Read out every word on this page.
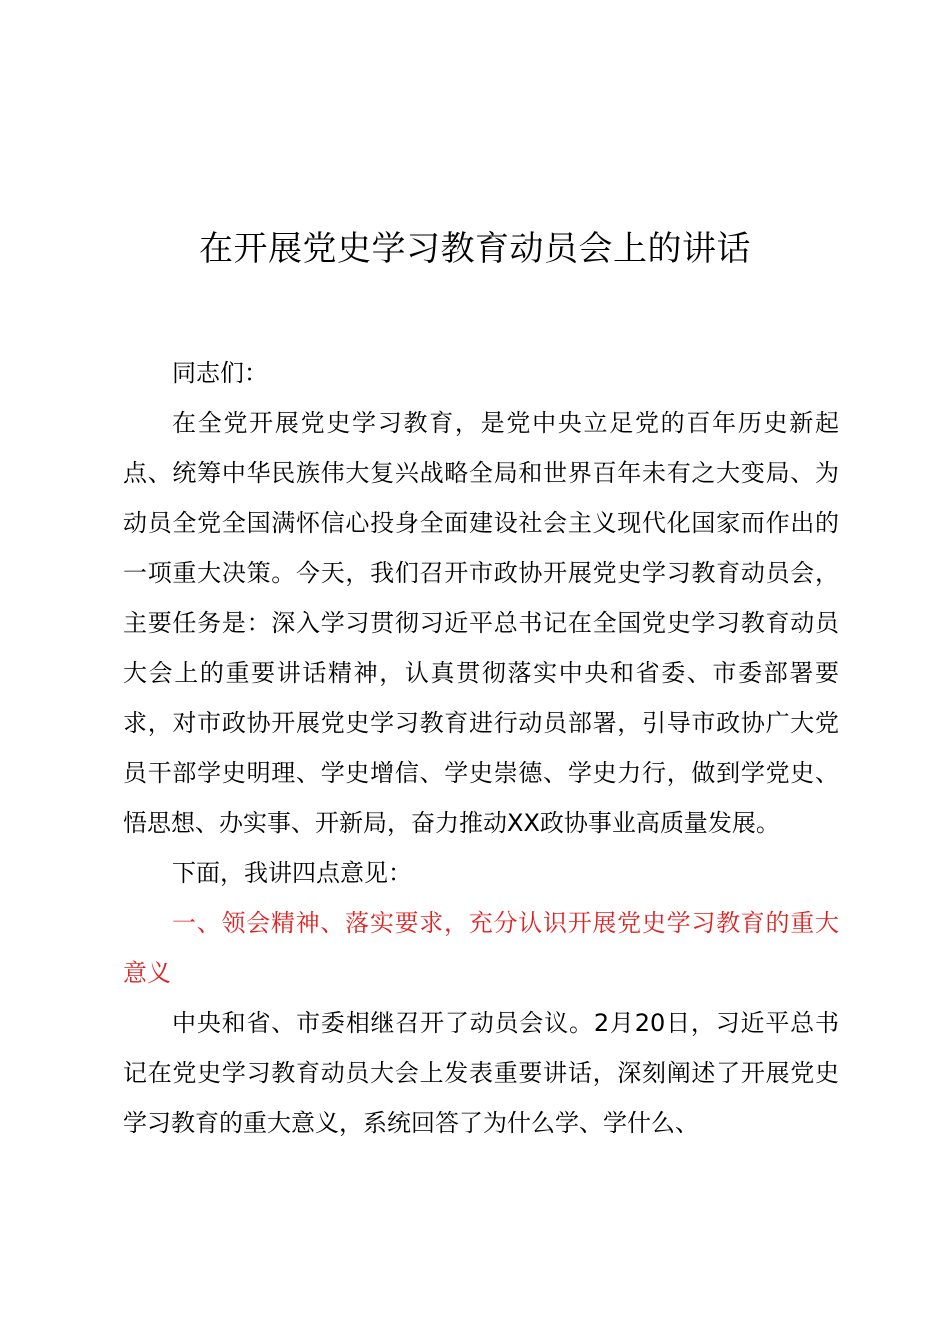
在开展党史学习教育动员会上的讲话

同志们：

在全党开展党史学习教育，是党中央立足党的百年历史新起点、统筹中华民族伟大复兴战略全局和世界百年未有之大变局、为动员全党全国满怀信心投身全面建设社会主义现代化国家而作出的一项重大决策。今天，我们召开市政协开展党史学习教育动员会，主要任务是：深入学习贯彻习近平总书记在全国党史学习教育动员大会上的重要讲话精神，认真贯彻落实中央和省委、市委部署要求，对市政协开展党史学习教育进行动员部署，引导市政协广大党员干部学史明理、学史增信、学史崇德、学史力行，做到学党史、悟思想、办实事、开新局，奋力推动XX政协事业高质量发展。

下面，我讲四点意见：

一、领会精神、落实要求，充分认识开展党史学习教育的重大意义

中央和省、市委相继召开了动员会议。2月20日，习近平总书记在党史学习教育动员大会上发表重要讲话，深刻阐述了开展党史学习教育的重大意义，系统回答了为什么学、学什么、
